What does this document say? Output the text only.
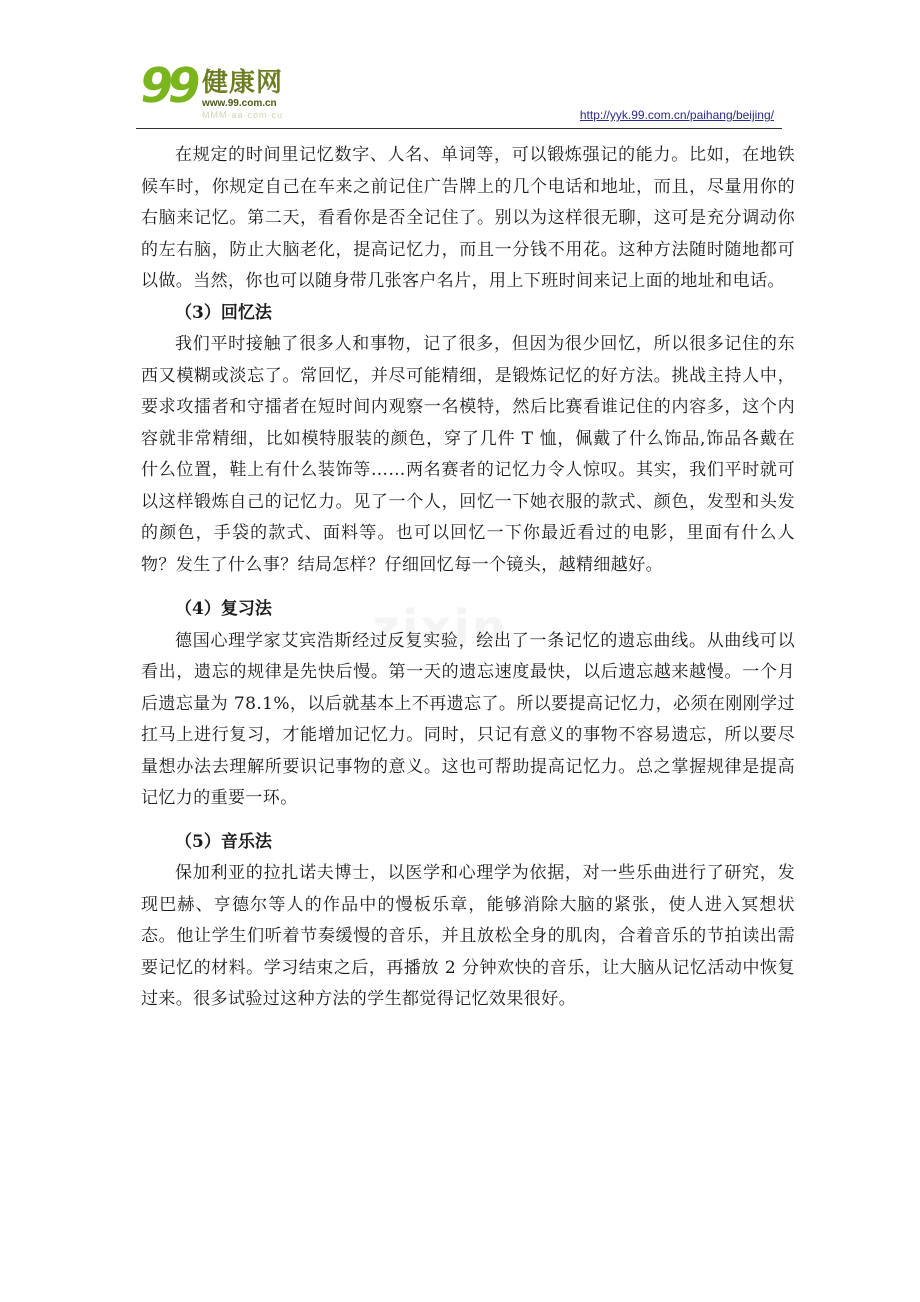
99 健康网
www.99.com.cn
MMM·aa·com·cu	http://yyk.99.com.cn/paihang/beijing/

在规定的时间里记忆数字、人名、单词等，可以锻炼强记的能力。比如，在地铁候车时，你规定自己在车来之前记住广告牌上的几个电话和地址，而且，尽量用你的右脑来记忆。第二天，看看你是否全记住了。别以为这样很无聊，这可是充分调动你的左右脑，防止大脑老化，提高记忆力，而且一分钱不用花。这种方法随时随地都可以做。当然，你也可以随身带几张客户名片，用上下班时间来记上面的地址和电话。

（3）回忆法

我们平时接触了很多人和事物，记了很多，但因为很少回忆，所以很多记住的东西又模糊或淡忘了。常回忆，并尽可能精细，是锻炼记忆的好方法。挑战主持人中，要求攻擂者和守擂者在短时间内观察一名模特，然后比赛看谁记住的内容多，这个内容就非常精细，比如模特服装的颜色，穿了几件 T 恤，佩戴了什么饰品,饰品各戴在什么位置，鞋上有什么装饰等……两名赛者的记忆力令人惊叹。其实，我们平时就可以这样锻炼自己的记忆力。见了一个人，回忆一下她衣服的款式、颜色，发型和头发的颜色，手袋的款式、面料等。也可以回忆一下你最近看过的电影，里面有什么人物？发生了什么事？结局怎样？仔细回忆每一个镜头，越精细越好。

（4）复习法

德国心理学家艾宾浩斯经过反复实验，绘出了一条记忆的遗忘曲线。从曲线可以看出，遗忘的规律是先快后慢。第一天的遗忘速度最快，以后遗忘越来越慢。一个月后遗忘量为 78.1%，以后就基本上不再遗忘了。所以要提高记忆力，必须在刚刚学过扛马上进行复习，才能增加记忆力。同时，只记有意义的事物不容易遗忘，所以要尽量想办法去理解所要识记事物的意义。这也可帮助提高记忆力。总之掌握规律是提高记忆力的重要一环。

（5）音乐法

保加利亚的拉扎诺夫博士，以医学和心理学为依据，对一些乐曲进行了研究，发现巴赫、亨德尔等人的作品中的慢板乐章，能够消除大脑的紧张，使人进入冥想状态。他让学生们听着节奏缓慢的音乐，并且放松全身的肌肉，合着音乐的节拍读出需要记忆的材料。学习结束之后，再播放 2 分钟欢快的音乐，让大脑从记忆活动中恢复过来。很多试验过这种方法的学生都觉得记忆效果很好。
